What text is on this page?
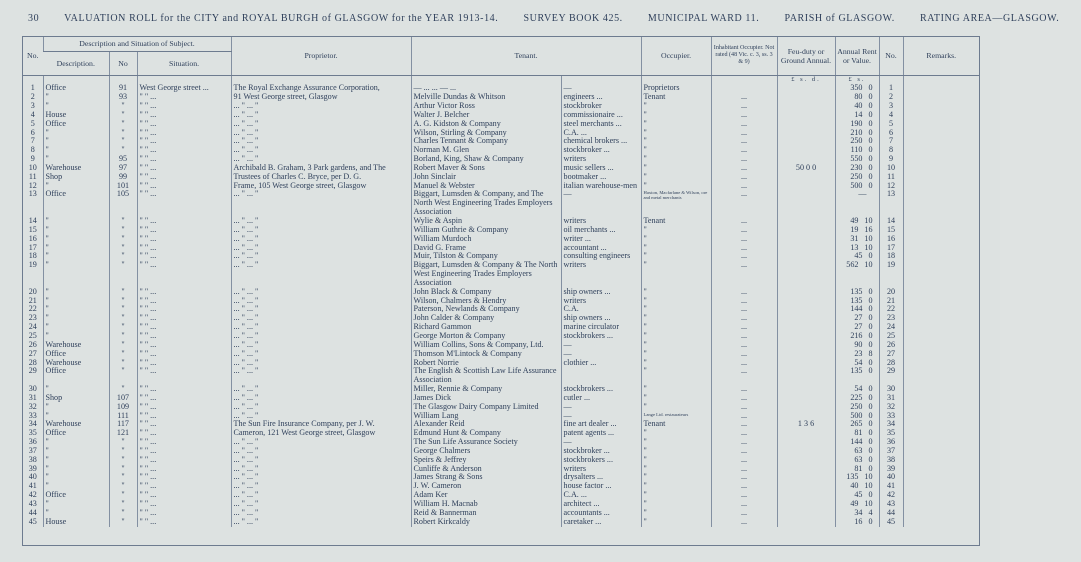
30 VALUATION ROLL for the CITY and ROYAL BURGH of GLASGOW for the YEAR 1913-14.	SURVEY BOOK 425.	MUNICIPAL WARD 11.	PARISH of GLASGOW.	RATING AREA—GLASGOW.
No.	Description and Situation of Subject.			Proprietor.	Tenant.		Occupier.	Inhabitant Occupier. Not rated (48 Vic. c. 3, ss. 3 & 9)	Feu-duty or Ground Annual.	Annual Rent or Value.	No.	Remarks.
	Description.	No	Situation.									
									£ s. d.	£ s.		
1	Office	91	West George street ...	The Royal Exchange Assurance Corporation,	— ... ... — ...	—	Proprietors			350 0	1	
2	"	93	" " ...	91 West George street, Glasgow	Melville Dundas & Whitson	engineers ...	Tenant	...		80 0	2	
3	"	"	" " ...	... " ... "	Arthur Victor Ross	stockbroker	"	...		40 0	3	
4	House	"	" " ...	... " ... "	Walter J. Belcher	commissionaire ...	"	...		14 0	4	
5	Office	"	" " ...	... " ... "	A. G. Kidston & Company	steel merchants ...	"	...		190 0	5	
6	"	"	" " ...	... " ... "	Wilson, Stirling & Company	C.A. ...	"	...		210 0	6	
7	"	"	" " ...	... " ... "	Charles Tennant & Company	chemical brokers ...	"	...		250 0	7	
8	"	"	" " ...	... " ... "	Norman M. Glen	stockbroker ...	"	...		110 0	8	
9	"	95	" " ...	... " ... "	Borland, King, Shaw & Company	writers	"	...		550 0	9	
10	Warehouse	97	" " ...	Archibald B. Graham, 3 Park gardens, and The	Robert Maver & Sons	music sellers ...	"	...	50 0 0	230 0	10	
11	Shop	99	" " ...	Trustees of Charles C. Bryce, per D. G.	John Sinclair	bootmaker ...	"	...		250 0	11	
12	"	101	" " ...	Frame, 105 West George street, Glasgow	Manuel & Webster	italian warehouse-men	"	...		500 0	12	
13	Office	105	" " ...	... " ... "	Biggart, Lumsden & Company, and The North West Engineering Trades Employers Association	—	Haxton, Macfarlane & Wilson, ore and metal merchants	...		—	13	
14	"	"	" " ...	... " ... "	Wylie & Aspin	writers	Tenant	...		49 10	14	
15	"	"	" " ...	... " ... "	William Guthrie & Company	oil merchants ...	"	...		19 16	15	
16	"	"	" " ...	... " ... "	William Murdoch	writer ...	"	...		31 10	16	
17	"	"	" " ...	... " ... "	David G. Frame	accountant ...	"	...		13 10	17	
18	"	"	" " ...	... " ... "	Muir, Tilston & Company	consulting engineers	"	...		45 0	18	
19	"	"	" " ...	... " ... "	Biggart, Lumsden & Company & The North West Engineering Trades Employers Association	writers	"	...		562 10	19	
20	"	"	" " ...	... " ... "	John Black & Company	ship owners ...	"	...		135 0	20	
21	"	"	" " ...	... " ... "	Wilson, Chalmers & Hendry	writers	"	...		135 0	21	
22	"	"	" " ...	... " ... "	Paterson, Newlands & Company	C.A.	"	...		144 0	22	
23	"	"	" " ...	... " ... "	John Calder & Company	ship owners ...	"	...		27 0	23	
24	"	"	" " ...	... " ... "	Richard Gammon	marine circulator	"	...		27 0	24	
25	"	"	" " ...	... " ... "	George Morton & Company	stockbrokers ...	"	...		216 0	25	
26	Warehouse	"	" " ...	... " ... "	William Collins, Sons & Company, Ltd.	—	"	...		90 0	26	
27	Office	"	" " ...	... " ... "	Thomson M'Lintock & Company	—	"	...		23 8	27	
28	Warehouse	"	" " ...	... " ... "	Robert Norrie	clothier ...	"	...		54 0	28	
29	Office	"	" " ...	... " ... "	The English & Scottish Law Life Assurance Association		"	...		135 0	29	
30	"	"	" " ...	... " ... "	Miller, Rennie & Company	stockbrokers ...	"	...		54 0	30	
31	Shop	107	" " ...	... " ... "	James Dick	cutler ...	"	...		225 0	31	
32	"	109	" " ...	... " ... "	The Glasgow Dairy Company Limited	—	"	...		250 0	32	
33	"	111	" " ...	... " ... "	William Lang	—	Lange Ltd. restaurateurs	...		500 0	33	
34	Warehouse	117	" " ...	The Sun Fire Insurance Company, per J. W.	Alexander Reid	fine art dealer ...	Tenant	...	1 3 6	265 0	34	
35	Office	121	" " ...	Cameron, 121 West George street, Glasgow	Edmund Hunt & Company	patent agents ...	"	...		81 0	35	
36	"	"	" " ...	... " ... "	The Sun Life Assurance Society	—	"	...		144 0	36	
37	"	"	" " ...	... " ... "	George Chalmers	stockbroker ...	"	...		63 0	37	
38	"	"	" " ...	... " ... "	Speirs & Jeffrey	stockbrokers ...	"	...		63 0	38	
39	"	"	" " ...	... " ... "	Cunliffe & Anderson	writers	"	...		81 0	39	
40	"	"	" " ...	... " ... "	James Strang & Sons	drysalters ...	"	...		135 10	40	
41	"	"	" " ...	... " ... "	J. W. Cameron	house factor ...	"	...		40 10	41	
42	Office	"	" " ...	... " ... "	Adam Ker	C.A. ...	"	...		45 0	42	
43	"	"	" " ...	... " ... "	William H. Macnab	architect ...	"	...		49 10	43	
44	"	"	" " ...	... " ... "	Reid & Bannerman	accountants ...	"	...		34 4	44	
45	House	"	" " ...	... " ... "	Robert Kirkcaldy	caretaker ...	"	...		16 0	45	
